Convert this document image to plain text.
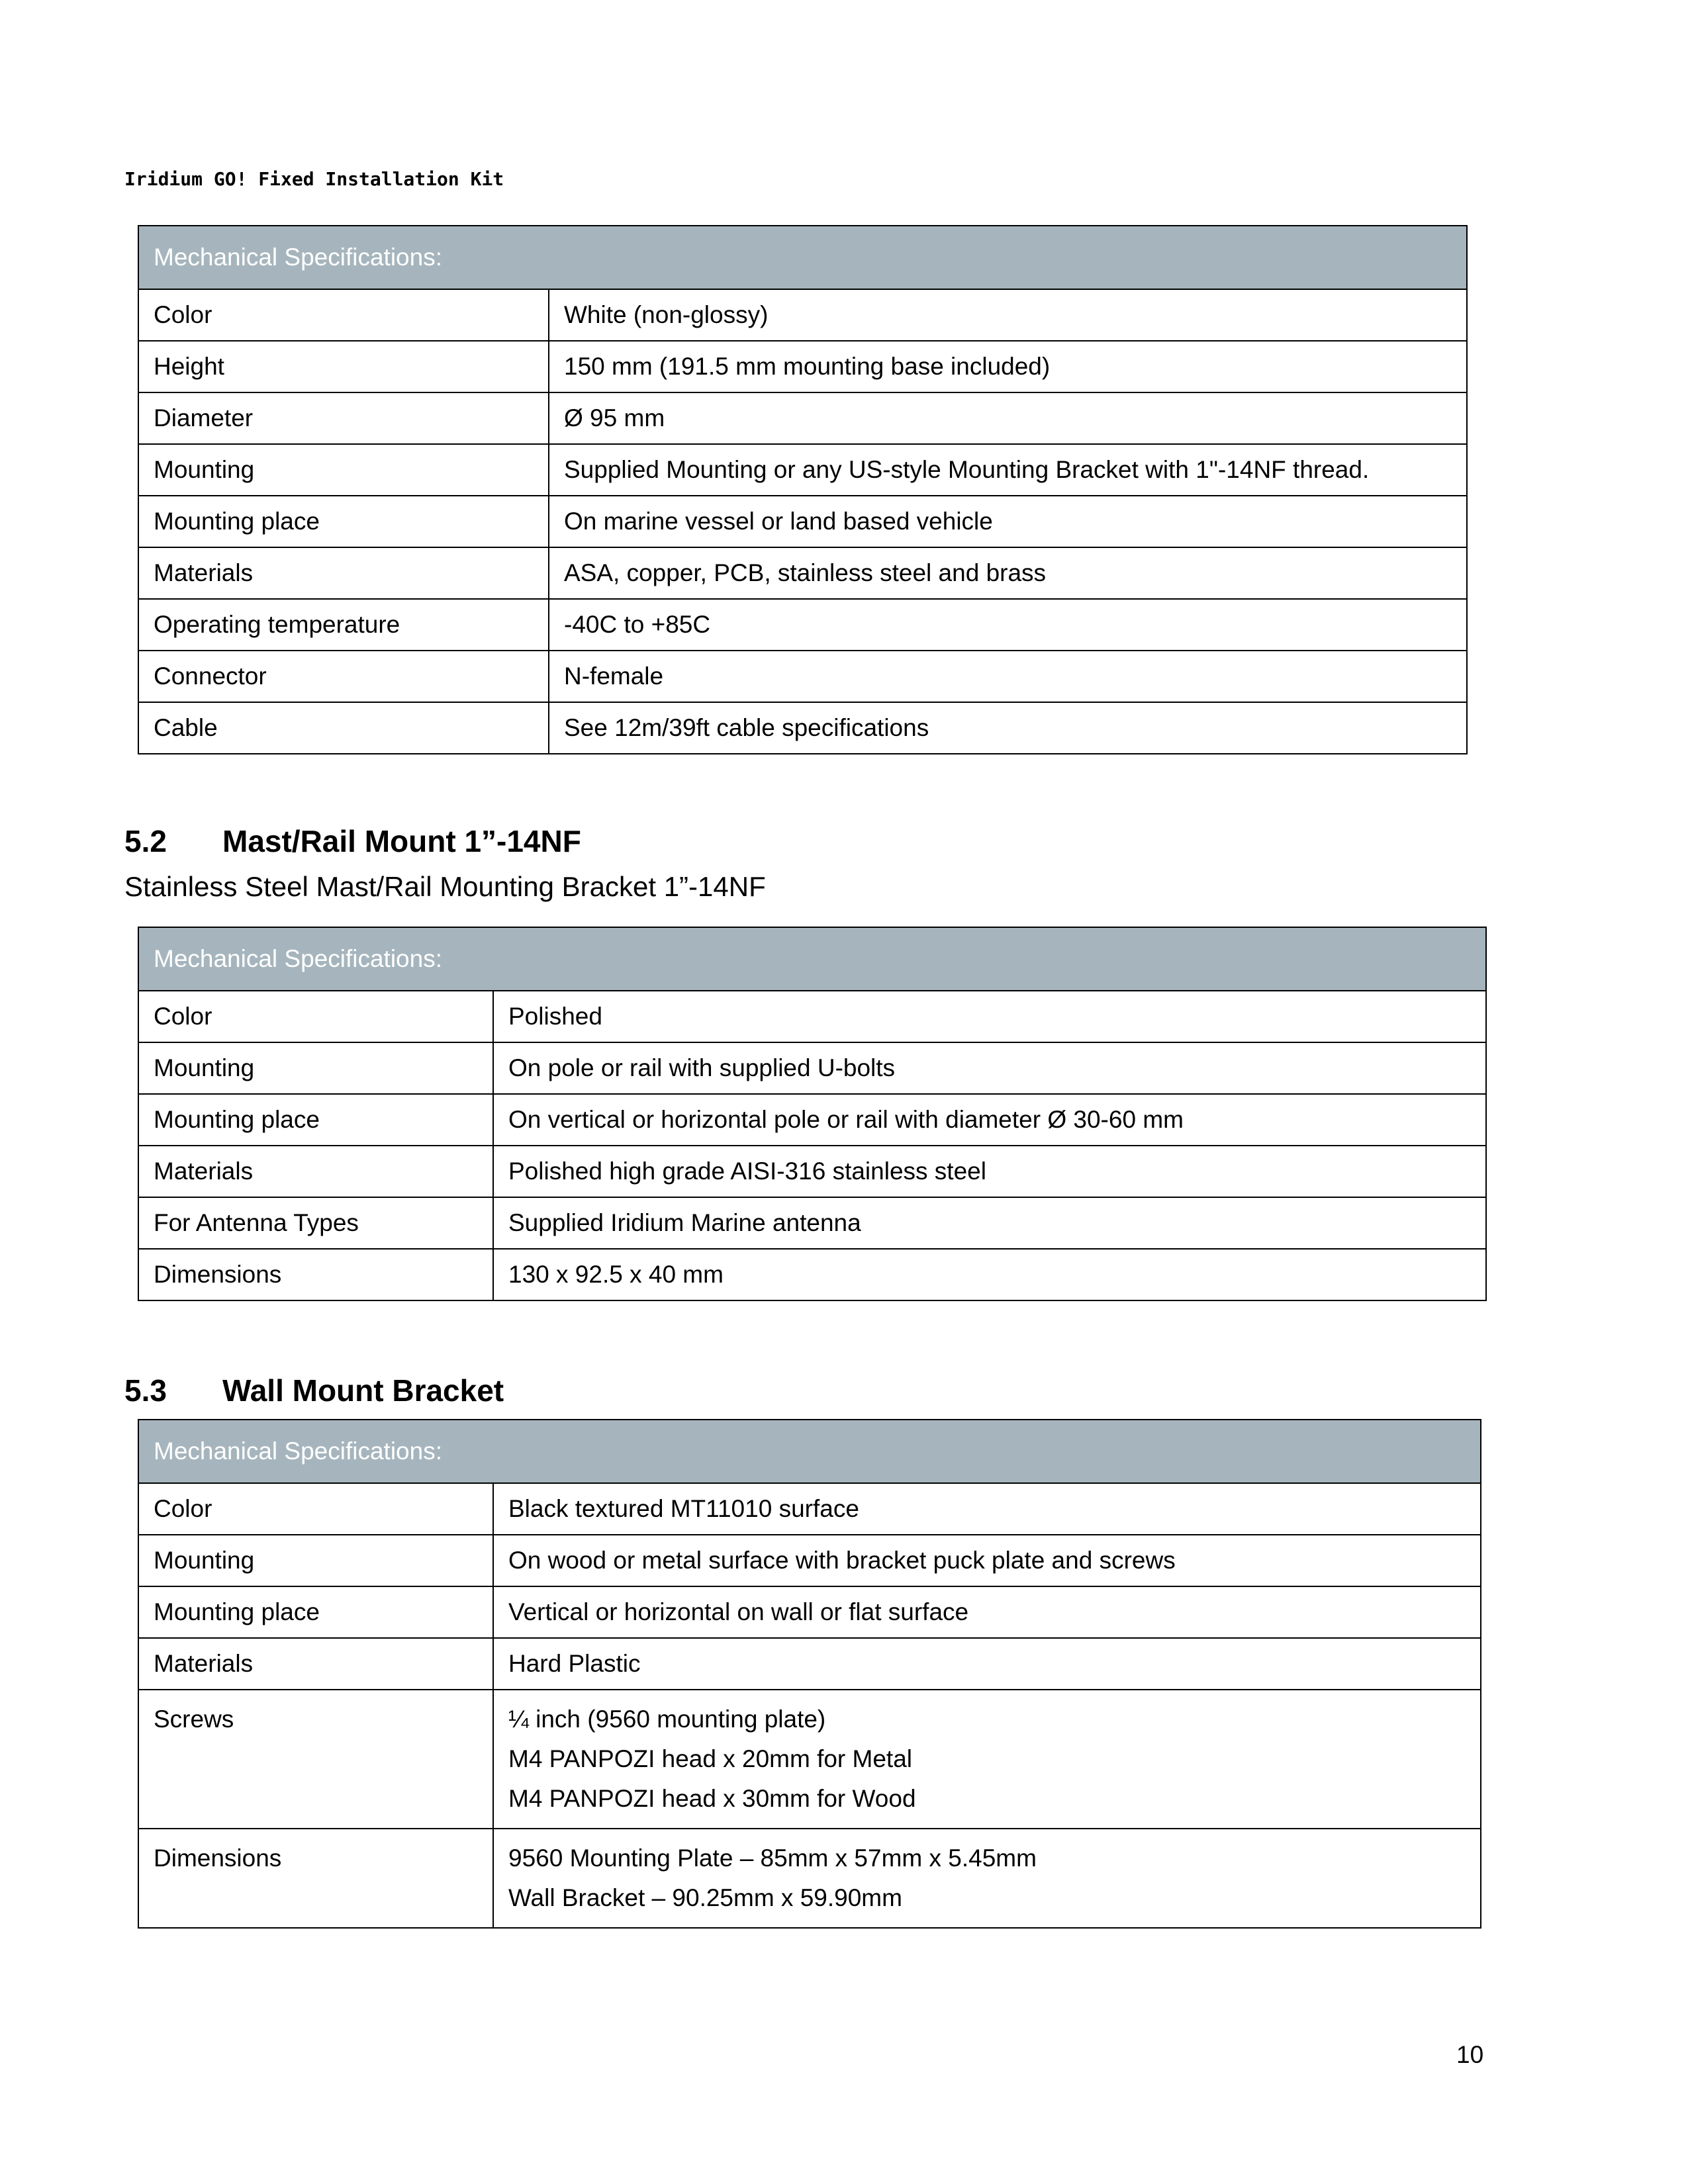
Iridium GO! Fixed Installation Kit
Mechanical Specifications:	
Color	White (non-glossy)
Height	150 mm (191.5 mm mounting base included)
Diameter	Ø 95 mm
Mounting	Supplied Mounting or any US-style Mounting Bracket with 1"-14NF thread.
Mounting place	On marine vessel or land based vehicle
Materials	ASA, copper, PCB, stainless steel and brass
Operating temperature	-40C to +85C
Connector	N-female
Cable	See 12m/39ft cable specifications
5.2 Mast/Rail Mount 1”-14NF
Stainless Steel Mast/Rail Mounting Bracket 1”-14NF
Mechanical Specifications:	
Color	Polished
Mounting	On pole or rail with supplied U-bolts
Mounting place	On vertical or horizontal pole or rail with diameter Ø 30-60 mm
Materials	Polished high grade AISI-316 stainless steel
For Antenna Types	Supplied Iridium Marine antenna
Dimensions	130 x 92.5 x 40 mm
5.3 Wall Mount Bracket
Mechanical Specifications:	
Color	Black textured MT11010 surface
Mounting	On wood or metal surface with bracket puck plate and screws
Mounting place	Vertical or horizontal on wall or flat surface
Materials	Hard Plastic

Screws	¼ inch (9560 mounting plate)
M4 PANPOZI head x 20mm for Metal
M4 PANPOZI head x 30mm for Wood

Dimensions	9560 Mounting Plate – 85mm x 57mm x 5.45mm
Wall Bracket – 90.25mm x 59.90mm
10
